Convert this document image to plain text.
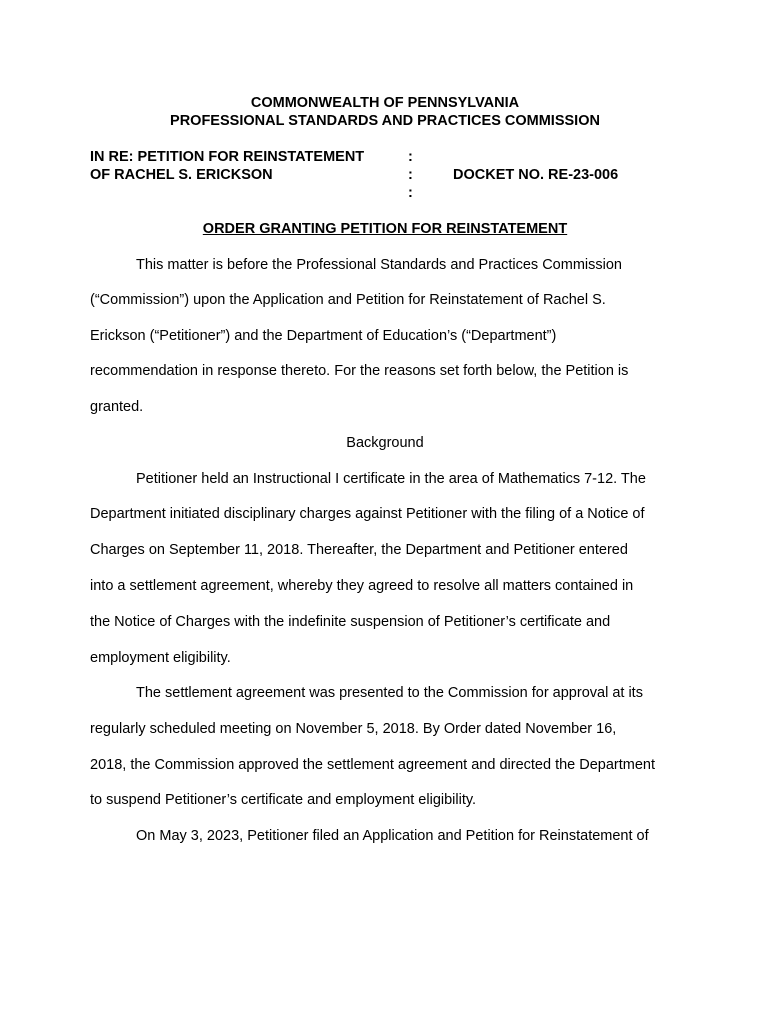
COMMONWEALTH OF PENNSYLVANIA
PROFESSIONAL STANDARDS AND PRACTICES COMMISSION
IN RE: PETITION FOR REINSTATEMENT
OF RACHEL S. ERICKSON
:
:
:
DOCKET NO. RE-23-006
ORDER GRANTING PETITION FOR REINSTATEMENT
This matter is before the Professional Standards and Practices Commission
(“Commission”) upon the Application and Petition for Reinstatement of Rachel S.
Erickson (“Petitioner”) and the Department of Education’s (“Department”)
recommendation in response thereto. For the reasons set forth below, the Petition is
granted.
Background
Petitioner held an Instructional I certificate in the area of Mathematics 7-12. The
Department initiated disciplinary charges against Petitioner with the filing of a Notice of
Charges on September 11, 2018. Thereafter, the Department and Petitioner entered
into a settlement agreement, whereby they agreed to resolve all matters contained in
the Notice of Charges with the indefinite suspension of Petitioner’s certificate and
employment eligibility.
The settlement agreement was presented to the Commission for approval at its
regularly scheduled meeting on November 5, 2018. By Order dated November 16,
2018, the Commission approved the settlement agreement and directed the Department
to suspend Petitioner’s certificate and employment eligibility.
On May 3, 2023, Petitioner filed an Application and Petition for Reinstatement of
